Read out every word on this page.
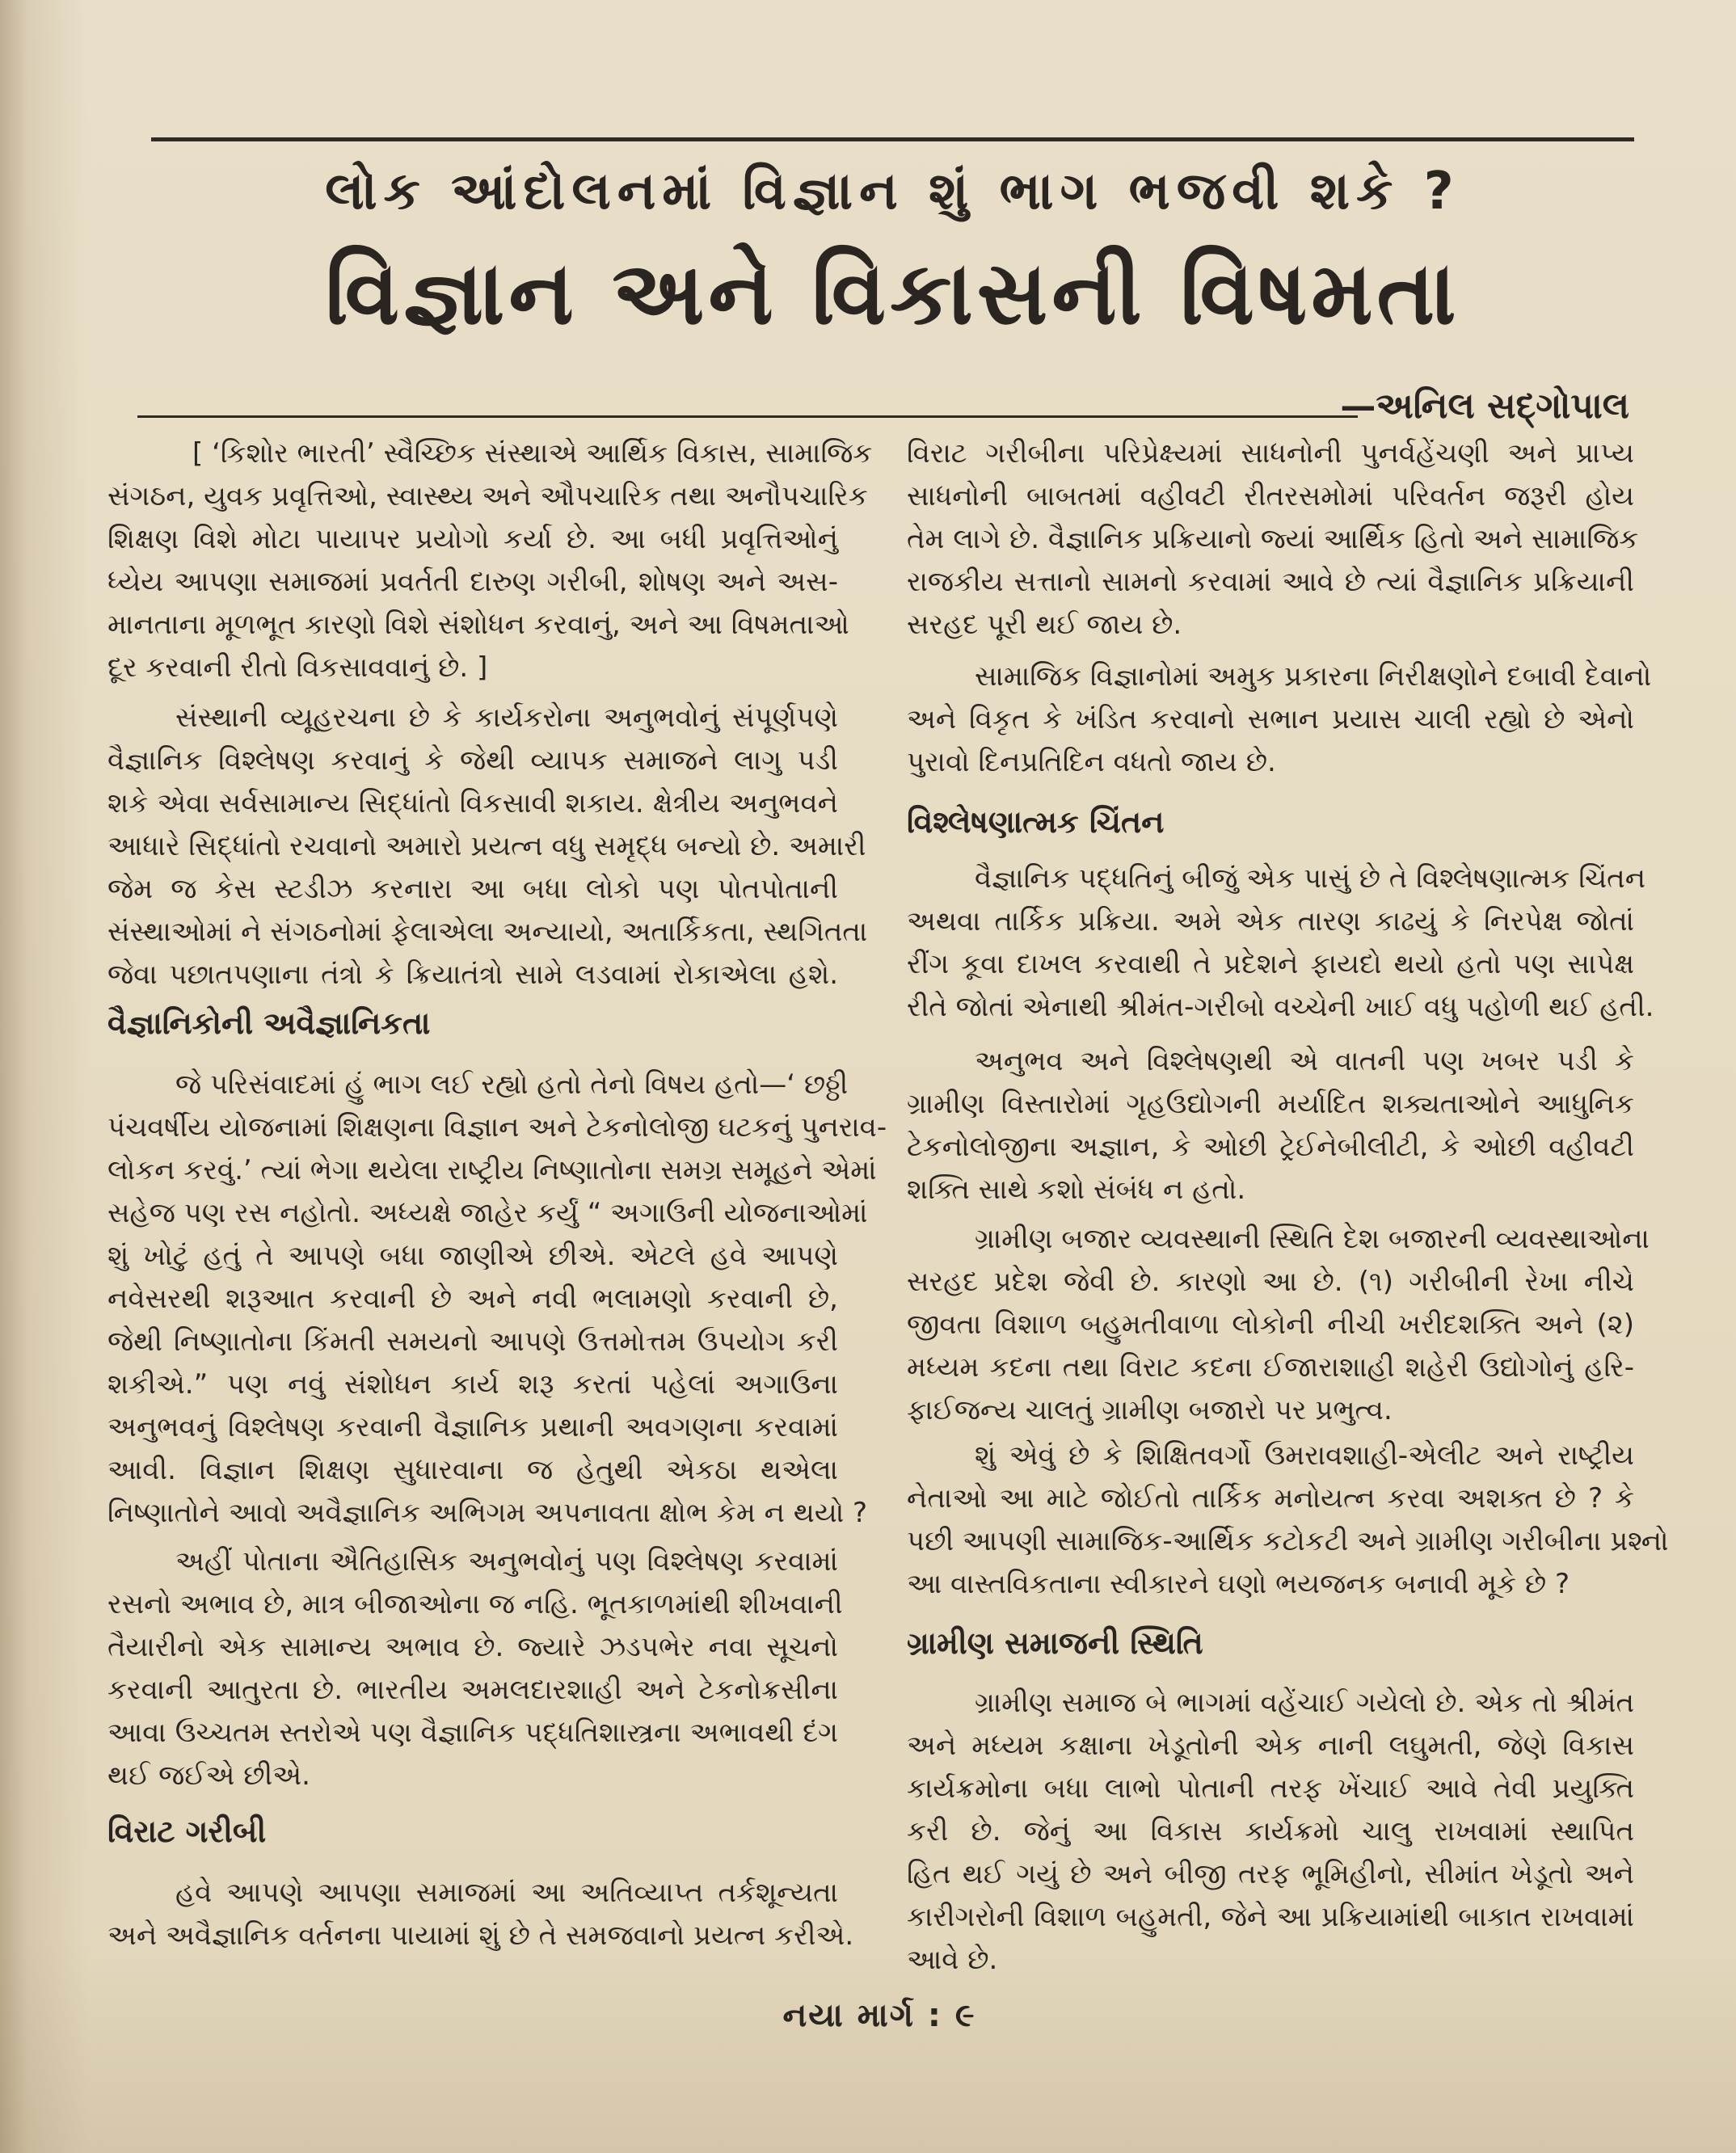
લોક આંદોલનમાં વિજ્ઞાન શું ભાગ ભજવી શકે ?
વિજ્ઞાન અને વિકાસની વિષમતા
—અનિલ સદ્ગોપાલ
[ ‘કિશોર ભારતી’ સ્વૈચ્છિક સંસ્થાએ આર્થિક વિકાસ, સામાજિક
સંગઠન, યુવક પ્રવૃત્તિઓ, સ્વાસ્થ્ય અને ઔપચારિક તથા અનૌપચારિક
શિક્ષણ વિશે મોટા પાયાપર પ્રયોગો કર્યા છે. આ બધી પ્રવૃત્તિઓનું
ધ્યેય આપણા સમાજમાં પ્રવર્તતી દારુણ ગરીબી, શોષણ અને અસ-
માનતાના મૂળભૂત કારણો વિશે સંશોધન કરવાનું, અને આ વિષમતાઓ
દૂર કરવાની રીતો વિકસાવવાનું છે. ]
સંસ્થાની વ્યૂહરચના છે કે કાર્યકરોના અનુભવોનું સંપૂર્ણપણે
વૈજ્ઞાનિક વિશ્લેષણ કરવાનું કે જેથી વ્યાપક સમાજને લાગુ પડી
શકે એવા સર્વસામાન્ય સિદ્ધાંતો વિકસાવી શકાય. ક્ષેત્રીય અનુભવને
આધારે સિદ્ધાંતો રચવાનો અમારો પ્રયત્ન વધુ સમૃદ્ધ બન્યો છે. અમારી
જેમ જ કેસ સ્ટડીઝ કરનારા આ બધા લોકો પણ પોતપોતાની
સંસ્થાઓમાં ને સંગઠનોમાં ફેલાએલા અન્યાયો, અતાર્કિકતા, સ્થગિતતા
જેવા પછાતપણાના તંત્રો કે ક્રિયાતંત્રો સામે લડવામાં રોકાએલા હશે.
વૈજ્ઞાનિકોની અવૈજ્ઞાનિકતા
જે પરિસંવાદમાં હું ભાગ લઈ રહ્યો હતો તેનો વિષય હતો—‘ છઠ્ઠી
પંચવર્ષીય યોજનામાં શિક્ષણના વિજ્ઞાન અને ટેકનોલોજી ઘટકનું પુનરાવ-
લોકન કરવું.’ ત્યાં ભેગા થયેલા રાષ્ટ્રીય નિષ્ણાતોના સમગ્ર સમૂહને એમાં
સહેજ પણ રસ નહોતો. અધ્યક્ષે જાહેર કર્યું “ અગાઉની યોજનાઓમાં
શું ખોટું હતું તે આપણે બધા જાણીએ છીએ. એટલે હવે આપણે
નવેસરથી શરૂઆત કરવાની છે અને નવી ભલામણો કરવાની છે,
જેથી નિષ્ણાતોના કિંમતી સમયનો આપણે ઉત્તમોત્તમ ઉપયોગ કરી
શકીએ.” પણ નવું સંશોધન કાર્ય શરૂ કરતાં પહેલાં અગાઉના
અનુભવનું વિશ્લેષણ કરવાની વૈજ્ઞાનિક પ્રથાની અવગણના કરવામાં
આવી. વિજ્ઞાન શિક્ષણ સુધારવાના જ હેતુથી એકઠા થએલા
નિષ્ણાતોને આવો અવૈજ્ઞાનિક અભિગમ અપનાવતા ક્ષોભ કેમ ન થયો ?
અહીં પોતાના ઐતિહાસિક અનુભવોનું પણ વિશ્લેષણ કરવામાં
રસનો અભાવ છે, માત્ર બીજાઓના જ નહિ. ભૂતકાળમાંથી શીખવાની
તૈયારીનો એક સામાન્ય અભાવ છે. જ્યારે ઝડપભેર નવા સૂચનો
કરવાની આતુરતા છે. ભારતીય અમલદારશાહી અને ટેકનોક્રસીના
આવા ઉચ્ચતમ સ્તરોએ પણ વૈજ્ઞાનિક પદ્ધતિશાસ્ત્રના અભાવથી દંગ
થઈ જઈએ છીએ.
વિરાટ ગરીબી
હવે આપણે આપણા સમાજમાં આ અતિવ્યાપ્ત તર્કશૂન્યતા
અને અવૈજ્ઞાનિક વર્તનના પાયામાં શું છે તે સમજવાનો પ્રયત્ન કરીએ.
વિરાટ ગરીબીના પરિપ્રેક્ષ્યમાં સાધનોની પુનર્વહેંચણી અને પ્રાપ્ય
સાધનોની બાબતમાં વહીવટી રીતરસમોમાં પરિવર્તન જરૂરી હોય
તેમ લાગે છે. વૈજ્ઞાનિક પ્રક્રિયાનો જ્યાં આર્થિક હિતો અને સામાજિક
રાજકીય સત્તાનો સામનો કરવામાં આવે છે ત્યાં વૈજ્ઞાનિક પ્રક્રિયાની
સરહદ પૂરી થઈ જાય છે.
સામાજિક વિજ્ઞાનોમાં અમુક પ્રકારના નિરીક્ષણોને દબાવી દેવાનો
અને વિકૃત કે ખંડિત કરવાનો સભાન પ્રયાસ ચાલી રહ્યો છે એનો
પુરાવો દિનપ્રતિદિન વધતો જાય છે.
વિશ્લેષણાત્મક ચિંતન
વૈજ્ઞાનિક પદ્ધતિનું બીજું એક પાસું છે તે વિશ્લેષણાત્મક ચિંતન
અથવા તાર્કિક પ્રક્રિયા. અમે એક તારણ કાઢયું કે નિરપેક્ષ જોતાં
રીંગ કૂવા દાખલ કરવાથી તે પ્રદેશને ફાયદો થયો હતો પણ સાપેક્ષ
રીતે જોતાં એનાથી શ્રીમંત-ગરીબો વચ્ચેની ખાઈ વધુ પહોળી થઈ હતી.
અનુભવ અને વિશ્લેષણથી એ વાતની પણ ખબર પડી કે
ગ્રામીણ વિસ્તારોમાં ગૃહઉદ્યોગની મર્યાદિત શક્યતાઓને આધુનિક
ટેકનોલોજીના અજ્ઞાન, કે ઓછી ટ્રેઈનેબીલીટી, કે ઓછી વહીવટી
શક્તિ સાથે કશો સંબંધ ન હતો.
ગ્રામીણ બજાર વ્યવસ્થાની સ્થિતિ દેશ બજારની વ્યવસ્થાઓના
સરહદ પ્રદેશ જેવી છે. કારણો આ છે. (૧) ગરીબીની રેખા નીચે
જીવતા વિશાળ બહુમતીવાળા લોકોની નીચી ખરીદશક્તિ અને (૨)
મધ્યમ કદના તથા વિરાટ કદના ઈજારાશાહી શહેરી ઉદ્યોગોનું હરિ-
ફાઈજન્ય ચાલતું ગ્રામીણ બજારો પર પ્રભુત્વ.
શું એવું છે કે શિક્ષિતવર્ગો ઉમરાવશાહી-એલીટ અને રાષ્ટ્રીય
નેતાઓ આ માટે જોઈતો તાર્કિક મનોયત્ન કરવા અશક્ત છે ? કે
પછી આપણી સામાજિક-આર્થિક કટોકટી અને ગ્રામીણ ગરીબીના પ્રશ્નો
આ વાસ્તવિકતાના સ્વીકારને ઘણો ભયજનક બનાવી મૂકે છે ?
ગ્રામીણ સમાજની સ્થિતિ
ગ્રામીણ સમાજ બે ભાગમાં વહેંચાઈ ગયેલો છે. એક તો શ્રીમંત
અને મધ્યમ કક્ષાના ખેડૂતોની એક નાની લઘુમતી, જેણે વિકાસ
કાર્યક્રમોના બધા લાભો પોતાની તરફ ખેંચાઈ આવે તેવી પ્રયુક્તિ
કરી છે. જેનું આ વિકાસ કાર્યક્રમો ચાલુ રાખવામાં સ્થાપિત
હિત થઈ ગયું છે અને બીજી તરફ ભૂમિહીનો, સીમાંત ખેડૂતો અને
કારીગરોની વિશાળ બહુમતી, જેને આ પ્રક્રિયામાંથી બાકાત રાખવામાં
આવે છે.
નયા માર્ગ : ૯
